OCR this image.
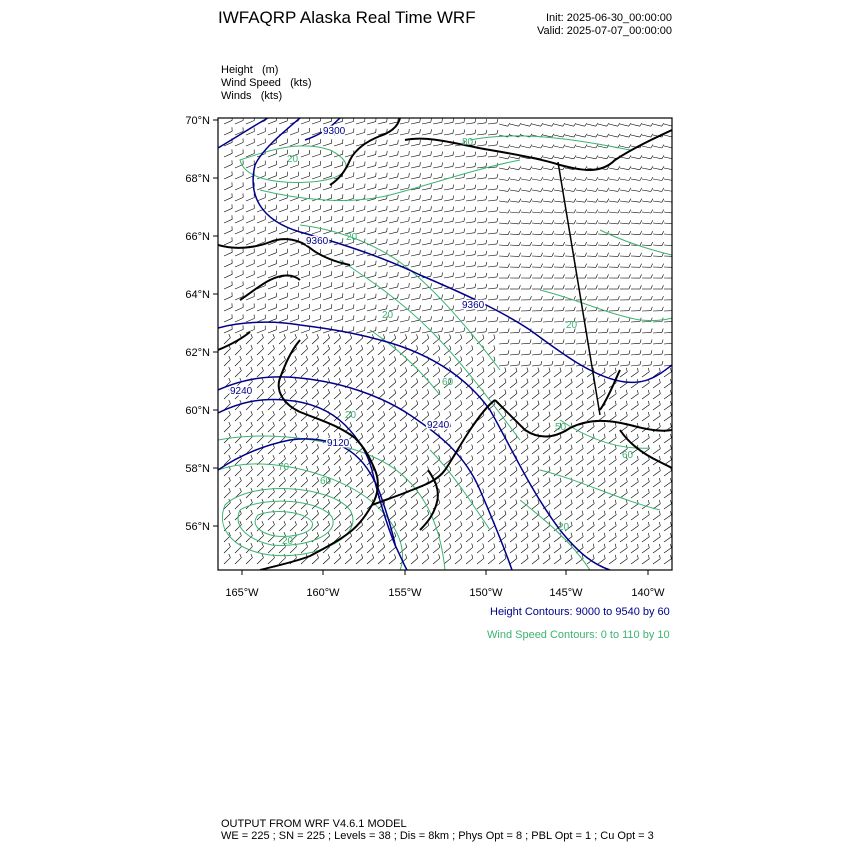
IWFAQRP Alaska Real Time WRF	Init: 2025-06-30_00:00:00
Valid: 2025-07-07_00:00:00
Height (m)
Wind Speed (kts)
Winds (kts)
70°N
68°N
66°N
64°N
62°N
60°N
58°N
56°N
165°W	160°W	155°W	150°W	145°W	140°W
9300
9360
9360
9240
9240
9120
80
20
20
20
60
20
70
60
20
20
50
60
20
Height Contours: 9000 to 9540 by 60
Wind Speed Contours: 0 to 110 by 10
OUTPUT FROM WRF V4.6.1 MODEL
WE = 225 ; SN = 225 ; Levels = 38 ; Dis = 8km ; Phys Opt = 8 ; PBL Opt = 1 ; Cu Opt = 3
